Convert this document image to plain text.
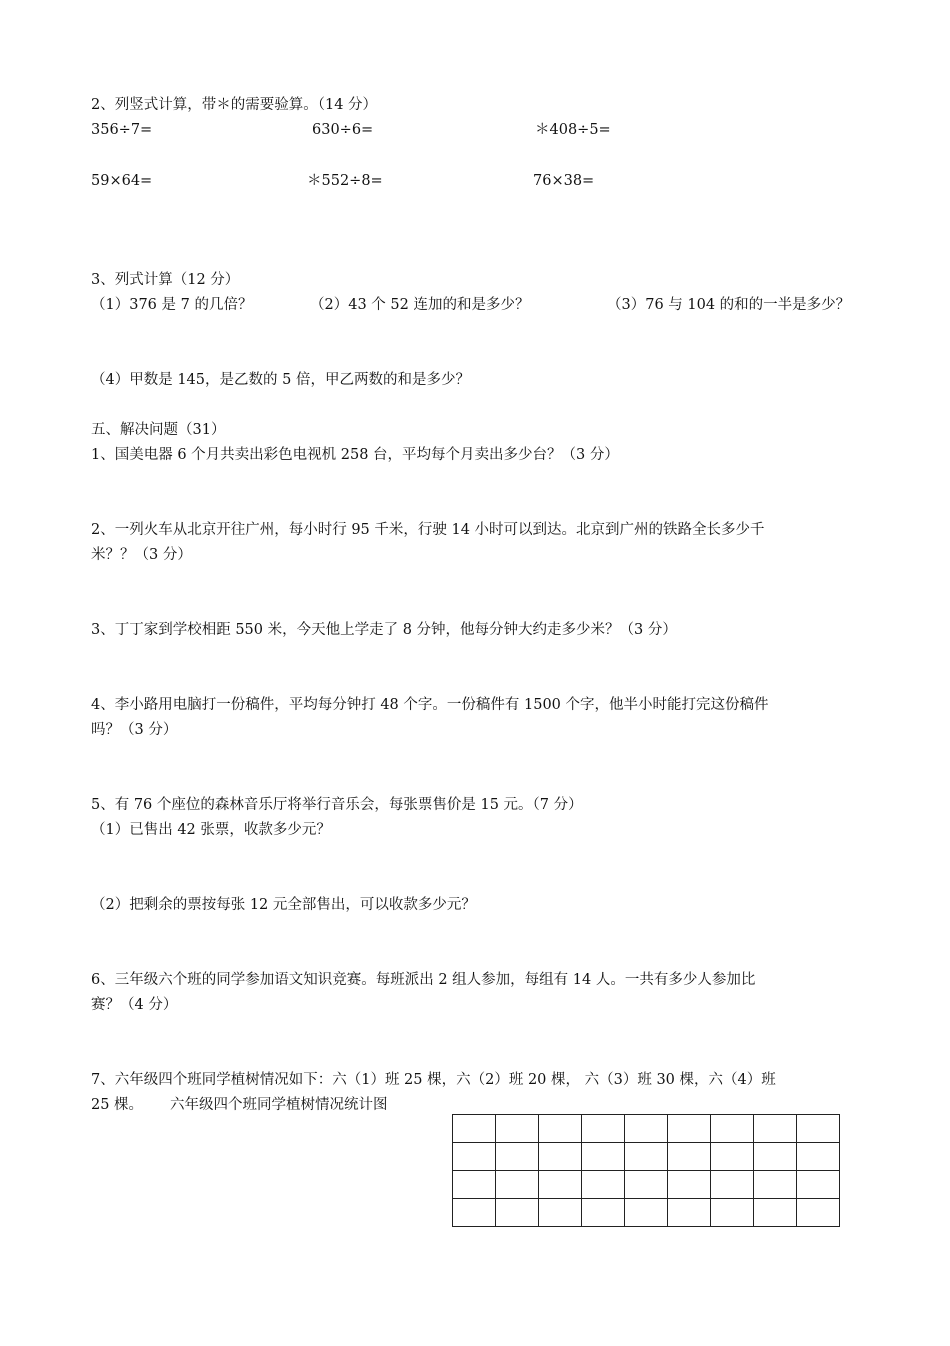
2、列竖式计算，带＊的需要验算。（14 分）
356÷7=	630÷6=	＊408÷5=
59×64=	＊552÷8=	76×38=
3、列式计算（12 分）
（1）376 是 7 的几倍？	（2）43 个 52 连加的和是多少？	（3）76 与 104 的和的一半是多少？
（4）甲数是 145，是乙数的 5 倍，甲乙两数的和是多少？
五、解决问题（31）
1、国美电器 6 个月共卖出彩色电视机 258 台，平均每个月卖出多少台？（3 分）
2、一列火车从北京开往广州，每小时行 95 千米，行驶 14 小时可以到达。北京到广州的铁路全长多少千
米？？（3 分）
3、丁丁家到学校相距 550 米，今天他上学走了 8 分钟，他每分钟大约走多少米？（3 分）
4、李小路用电脑打一份稿件，平均每分钟打 48 个字。一份稿件有 1500 个字，他半小时能打完这份稿件
吗？（3 分）
5、有 76 个座位的森林音乐厅将举行音乐会，每张票售价是 15 元。（7 分）
（1）已售出 42 张票，收款多少元？
（2）把剩余的票按每张 12 元全部售出，可以收款多少元？
6、三年级六个班的同学参加语文知识竞赛。每班派出 2 组人参加，每组有 14 人。一共有多少人参加比
赛？（4 分）
7、六年级四个班同学植树情况如下：六（1）班 25 棵，六（2）班 20 棵， 六（3）班 30 棵，六（4）班
25 棵。 六年级四个班同学植树情况统计图
